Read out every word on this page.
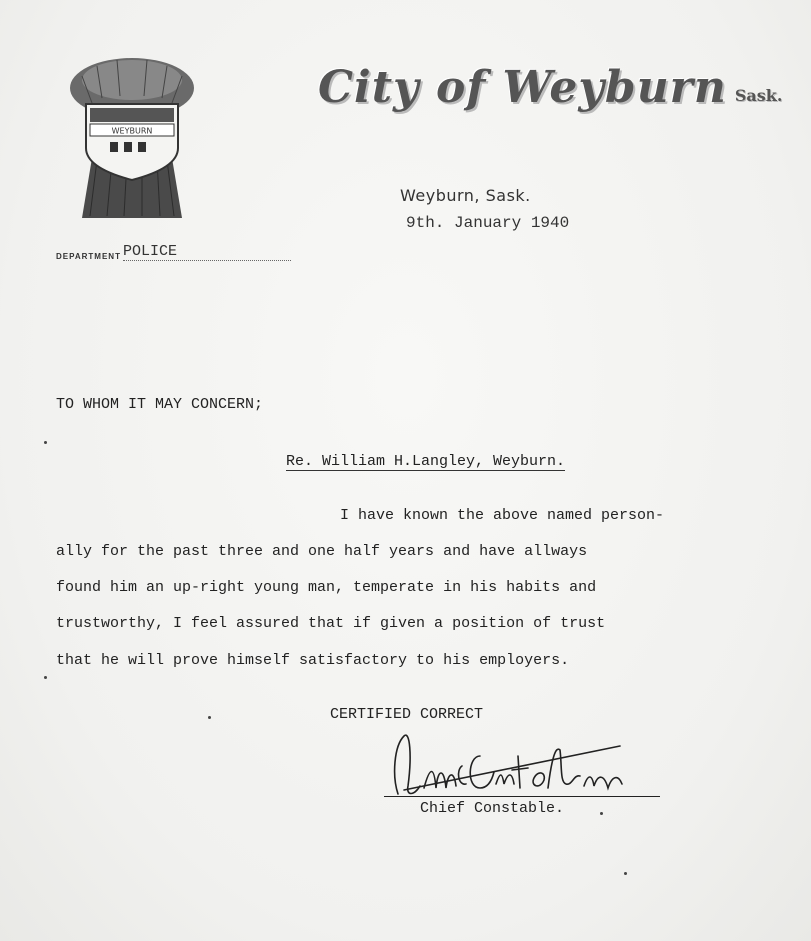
WEYBURN
City of Weyburn Sask.
Weyburn, Sask.
9th. January 1940
DEPARTMENT POLICE
TO WHOM IT MAY CONCERN;
Re. William H.Langley, Weyburn.
I have known the above named person-
ally for the past three and one half years and have allways
found him an up-right young man, temperate in his habits and
trustworthy, I feel assured that if given a position of trust
that he will prove himself satisfactory to his employers.
CERTIFIED CORRECT
Chief Constable.
